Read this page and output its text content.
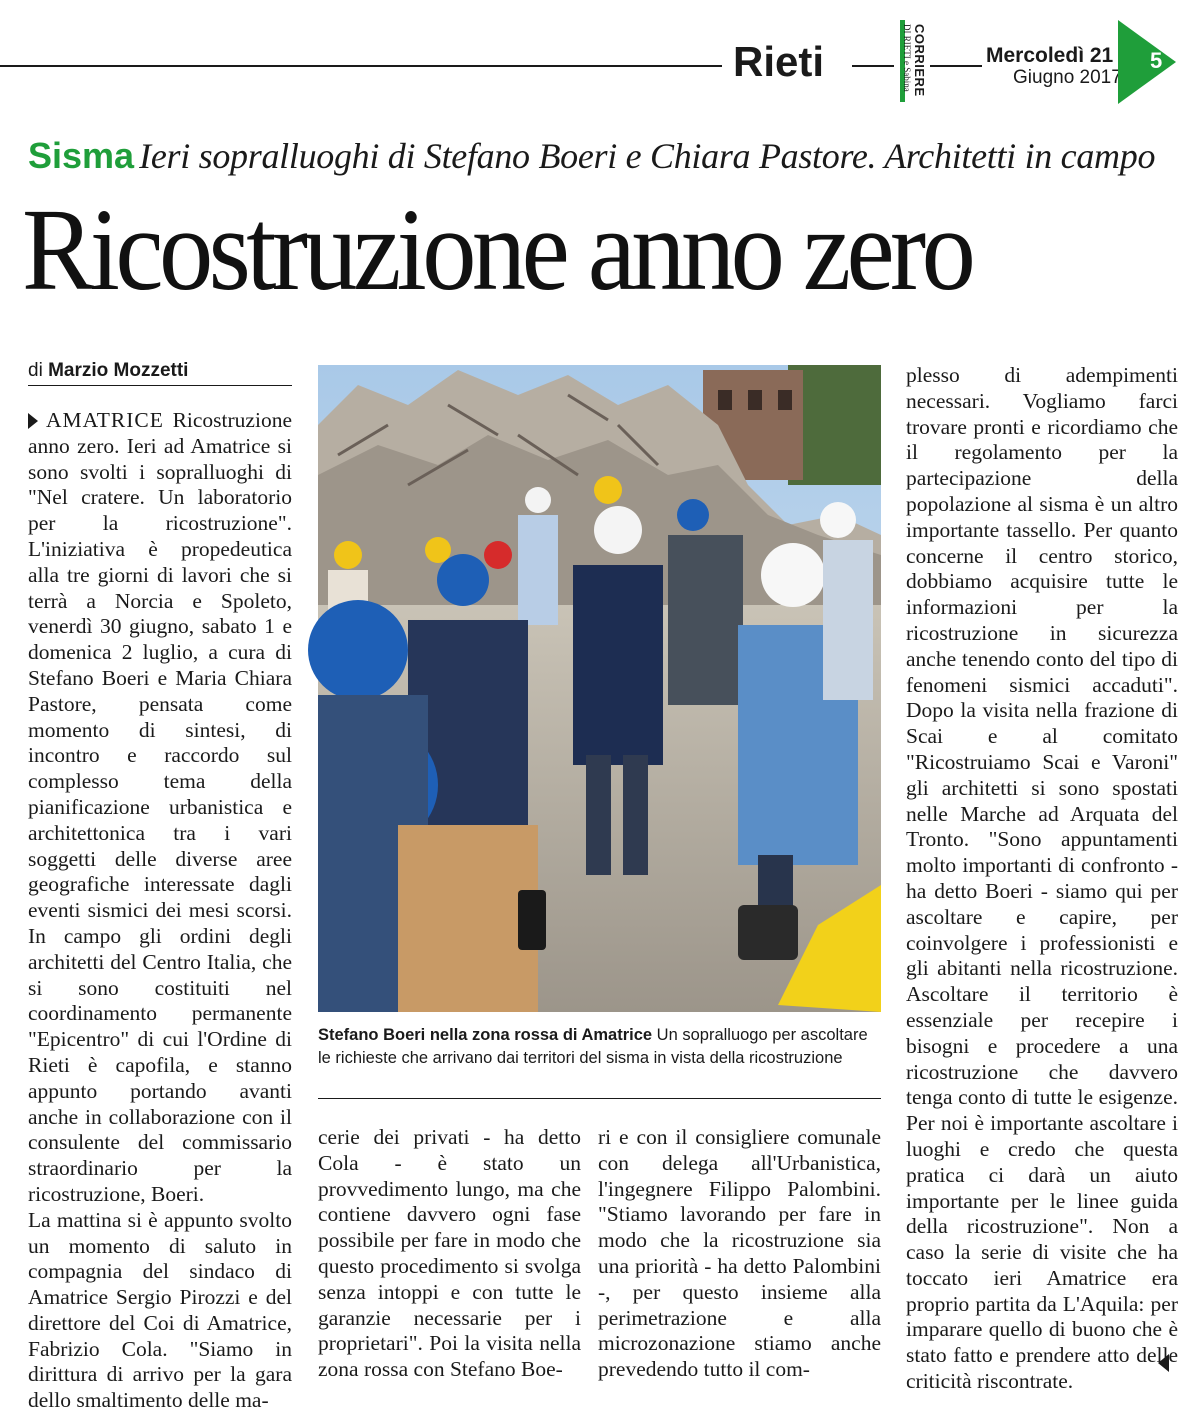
Rieti	CORRIERE
DI RIETI e Sabina	Mercoledì 21
Giugno 2017
5
Sisma Ieri sopralluoghi di Stefano Boeri e Chiara Pastore. Architetti in campo
Ricostruzione anno zero
di Marzio Mozzetti

AMATRICE Ricostruzione anno zero. Ieri ad Amatrice si sono svolti i sopralluoghi di "Nel cratere. Un laboratorio per la ricostruzione". L'iniziativa è propedeutica alla tre giorni di lavori che si terrà a Norcia e Spoleto, venerdì 30 giugno, sabato 1 e domenica 2 luglio, a cura di Stefano Boeri e Maria Chiara Pastore, pensata come momento di sintesi, di incontro e raccordo sul complesso tema della pianificazione urbanistica e architettonica tra i vari soggetti delle diverse aree geografiche interessate dagli eventi sismici dei mesi scorsi. In campo gli ordini degli architetti del Centro Italia, che si sono costituiti nel coordinamento permanente "Epicentro" di cui l'Ordine di Rieti è capofila, e stanno appunto portando avanti anche in collaborazione con il consulente del commissario straordinario per la ricostruzione, Boeri.

La mattina si è appunto svolto un momento di saluto in compagnia del sindaco di Amatrice Sergio Pirozzi e del direttore del Coi di Amatrice, Fabrizio Cola. "Siamo in dirittura di arrivo per la gara dello smaltimento delle ma-

Stefano Boeri nella zona rossa di Amatrice Un sopralluogo per ascoltare le richieste che arrivano dai territori del sisma in vista della ricostruzione

cerie dei privati - ha detto Cola - è stato un provvedimento lungo, ma che contiene davvero ogni fase possibile per fare in modo che questo procedimento si svolga senza intoppi e con tutte le garanzie necessarie per i proprietari". Poi la visita nella zona rossa con Stefano Boe-

ri e con il consigliere comunale con delega all'Urbanistica, l'ingegnere Filippo Palombini. "Stiamo lavorando per fare in modo che la ricostruzione sia una priorità - ha detto Palombini -, per questo insieme alla perimetrazione e alla microzonazione stiamo anche prevedendo tutto il com-

plesso di adempimenti necessari. Vogliamo farci trovare pronti e ricordiamo che il regolamento per la partecipazione della popolazione al sisma è un altro importante tassello. Per quanto concerne il centro storico, dobbiamo acquisire tutte le informazioni per la ricostruzione in sicurezza anche tenendo conto del tipo di fenomeni sismici accaduti". Dopo la visita nella frazione di Scai e al comitato "Ricostruiamo Scai e Varoni" gli architetti si sono spostati nelle Marche ad Arquata del Tronto. "Sono appuntamenti molto importanti di confronto - ha detto Boeri - siamo qui per ascoltare e capire, per coinvolgere i professionisti e gli abitanti nella ricostruzione. Ascoltare il territorio è essenziale per recepire i bisogni e procedere a una ricostruzione che davvero tenga conto di tutte le esigenze. Per noi è importante ascoltare i luoghi e credo che questa pratica ci darà un aiuto importante per le linee guida della ricostruzione". Non a caso la serie di visite che ha toccato ieri Amatrice era proprio partita da L'Aquila: per imparare quello di buono che è stato fatto e prendere atto delle criticità riscontrate.
